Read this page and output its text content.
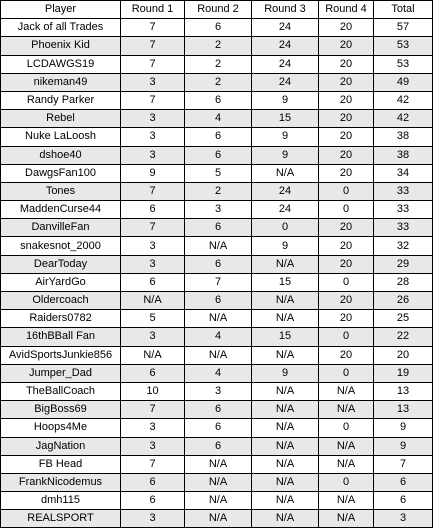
Player	Round 1	Round 2	Round 3	Round 4	Total
Jack of all Trades	7	6	24	20	57
Phoenix Kid	7	2	24	20	53
LCDAWGS19	7	2	24	20	53
nikeman49	3	2	24	20	49
Randy Parker	7	6	9	20	42
Rebel	3	4	15	20	42
Nuke LaLoosh	3	6	9	20	38
dshoe40	3	6	9	20	38
DawgsFan100	9	5	N/A	20	34
Tones	7	2	24	0	33
MaddenCurse44	6	3	24	0	33
DanvilleFan	7	6	0	20	33
snakesnot_2000	3	N/A	9	20	32
DearToday	3	6	N/A	20	29
AirYardGo	6	7	15	0	28
Oldercoach	N/A	6	N/A	20	26
Raiders0782	5	N/A	N/A	20	25
16thBBall Fan	3	4	15	0	22
AvidSportsJunkie856	N/A	N/A	N/A	20	20
Jumper_Dad	6	4	9	0	19
TheBallCoach	10	3	N/A	N/A	13
BigBoss69	7	6	N/A	N/A	13
Hoops4Me	3	6	N/A	0	9
JagNation	3	6	N/A	N/A	9
FB Head	7	N/A	N/A	N/A	7
FrankNicodemus	6	N/A	N/A	0	6
dmh115	6	N/A	N/A	N/A	6
REALSPORT	3	N/A	N/A	N/A	3
